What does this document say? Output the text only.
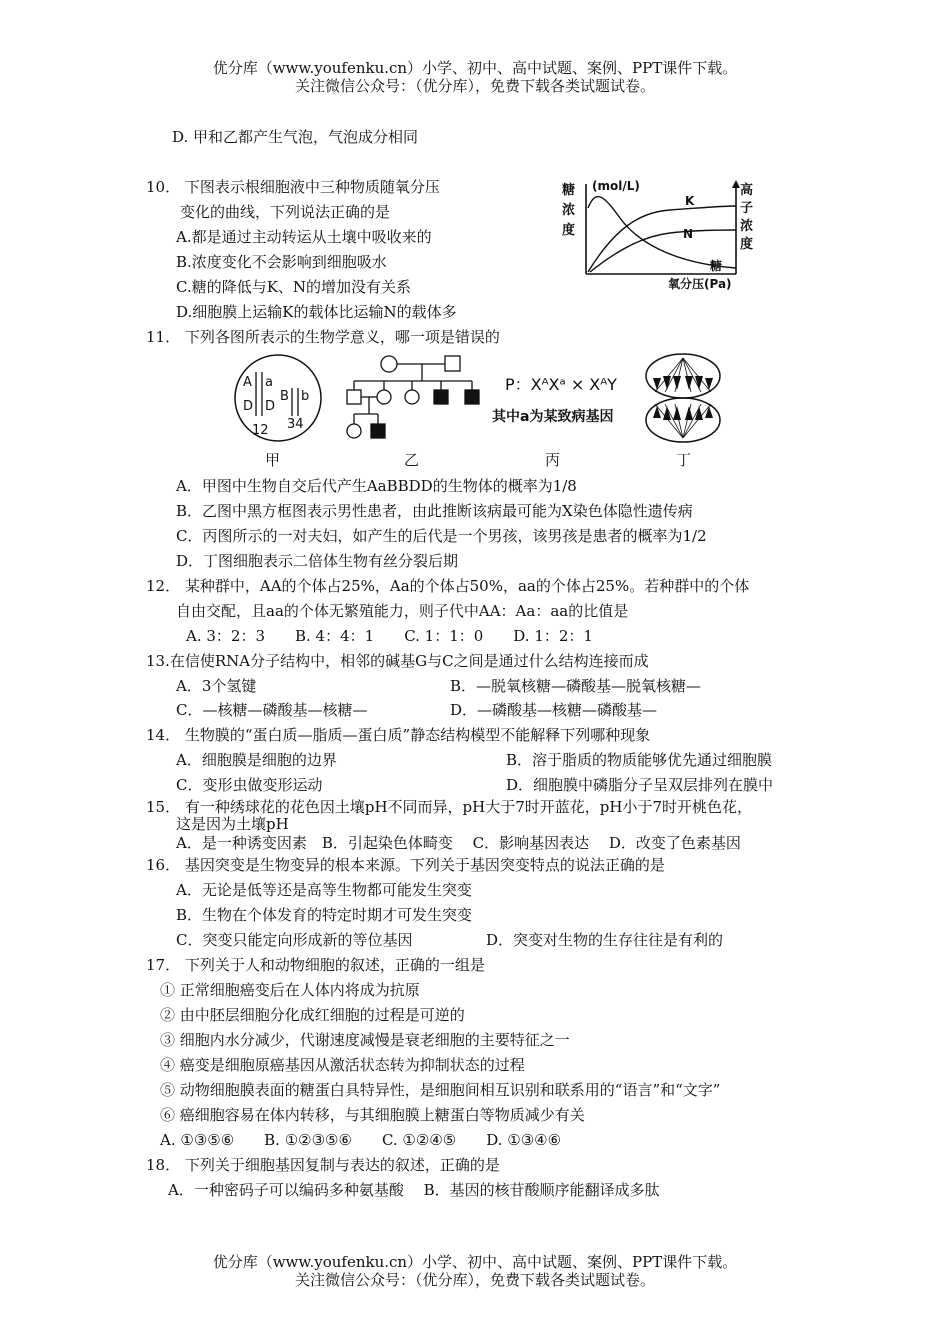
优分库（www.youfenku.cn）小学、初中、高中试题、案例、PPT课件下载。
关注微信公众号：（优分库），免费下载各类试题试卷。
D. 甲和乙都产生气泡，气泡成分相同
10． 下图表示根细胞液中三种物质随氧分压
变化的曲线，下列说法正确的是
A.都是通过主动转运从土壤中吸收来的
B.浓度变化不会影响到细胞吸水
C.糖的降低与K、N的增加没有关系
D.细胞膜上运输K的载体比运输N的载体多
糖
浓
度
(mol/L)	高
子
浓
度
K
N
糖
氧分压(Pa)
11． 下列各图所表示的生物学意义，哪一项是错误的
A a
D D
B b
12 34
P：XᴬXᵃ × XᴬY
其中a为某致病基因
甲	乙	丙	丁
A．甲图中生物自交后代产生AaBBDD的生物体的概率为1/8
B．乙图中黑方框图表示男性患者，由此推断该病最可能为X染色体隐性遗传病
C．丙图所示的一对夫妇，如产生的后代是一个男孩，该男孩是患者的概率为1/2
D．丁图细胞表示二倍体生物有丝分裂后期
12． 某种群中，AA的个体占25%，Aa的个体占50%，aa的个体占25%。若种群中的个体
自由交配，且aa的个体无繁殖能力，则子代中AA：Aa：aa的比值是
A. 3：2：3　　B. 4：4：1　　C. 1：1：0　　D. 1：2：1
13.在信使RNA分子结构中，相邻的碱基G与C之间是通过什么结构连接而成
A．3个氢键	B．—脱氧核糖—磷酸基—脱氧核糖—
C．—核糖—磷酸基—核糖—	D．—磷酸基—核糖—磷酸基—
14． 生物膜的“蛋白质—脂质—蛋白质”静态结构模型不能解释下列哪种现象
A．细胞膜是细胞的边界	B．溶于脂质的物质能够优先通过细胞膜
C．变形虫做变形运动	D．细胞膜中磷脂分子呈双层排列在膜中
15． 有一种绣球花的花色因土壤pH不同而异，pH大于7时开蓝花，pH小于7时开桃色花，
这是因为土壤pH
A．是一种诱变因素　B．引起染色体畸变　 C．影响基因表达　 D．改变了色素基因
16． 基因突变是生物变异的根本来源。下列关于基因突变特点的说法正确的是
A．无论是低等还是高等生物都可能发生突变
B．生物在个体发育的特定时期才可发生突变
C．突变只能定向形成新的等位基因	D．突变对生物的生存往往是有利的
17． 下列关于人和动物细胞的叙述，正确的一组是
① 正常细胞癌变后在人体内将成为抗原
② 由中胚层细胞分化成红细胞的过程是可逆的
③ 细胞内水分减少，代谢速度减慢是衰老细胞的主要特征之一
④ 癌变是细胞原癌基因从激活状态转为抑制状态的过程
⑤ 动物细胞膜表面的糖蛋白具特异性，是细胞间相互识别和联系用的“语言”和“文字”
⑥ 癌细胞容易在体内转移，与其细胞膜上糖蛋白等物质减少有关
A. ①③⑤⑥　　B. ①②③⑤⑥　　C. ①②④⑤　　D. ①③④⑥
18． 下列关于细胞基因复制与表达的叙述，正确的是
A．一种密码子可以编码多种氨基酸　 B．基因的核苷酸顺序能翻译成多肽
优分库（www.youfenku.cn）小学、初中、高中试题、案例、PPT课件下载。
关注微信公众号：（优分库），免费下载各类试题试卷。
